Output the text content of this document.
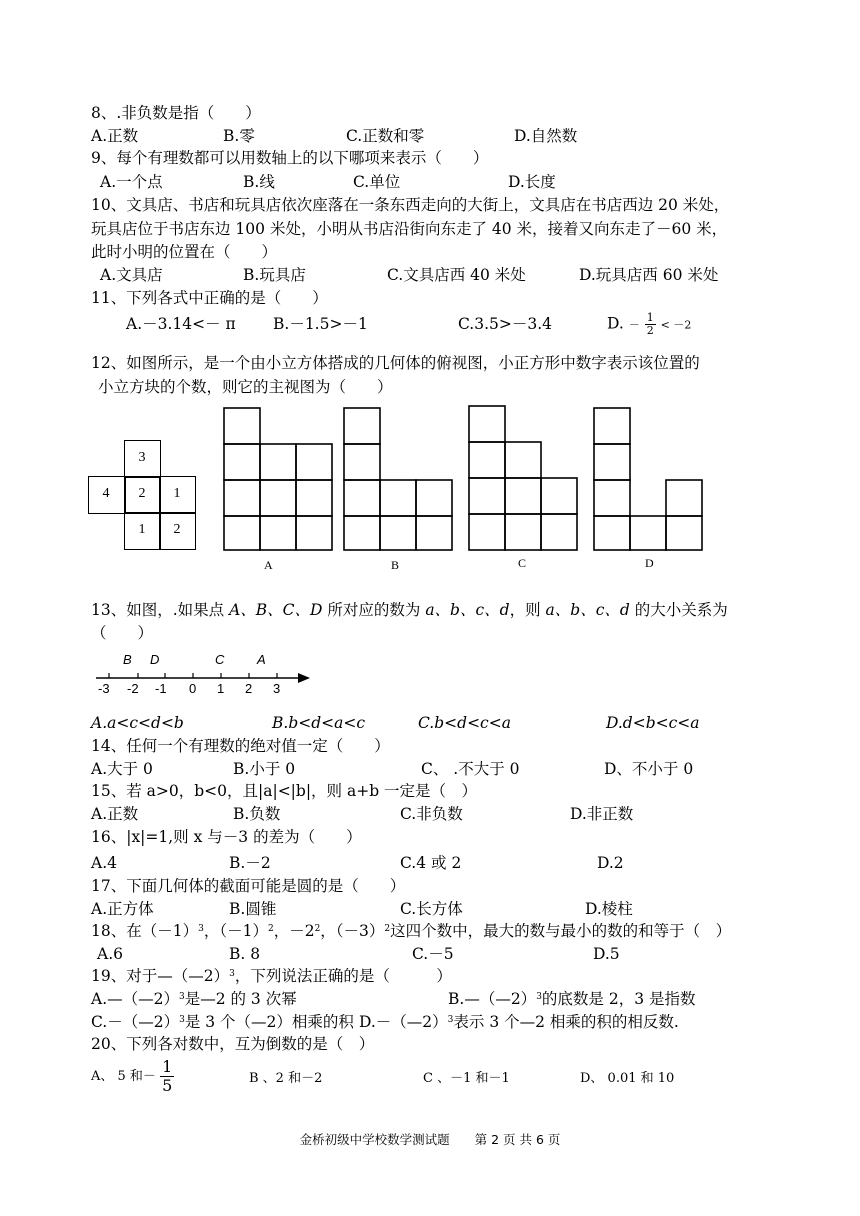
8、.非负数是指（　　）
A.正数	B.零	C.正数和零	D.自然数
9、每个有理数都可以用数轴上的以下哪项来表示（　　）
A.一个点	B.线	C.单位	D.长度
10、文具店、书店和玩具店依次座落在一条东西走向的大街上，文具店在书店西边 20 米处，
玩具店位于书店东边 100 米处，小明从书店沿街向东走了 40 米，接着又向东走了－60 米，
此时小明的位置在（　　）
A.文具店	B.玩具店	C.文具店西 40 米处	D.玩具店西 60 米处
11、下列各式中正确的是（　　）
A.－3.14<－ π B.－1.5>－1	C.3.5>－3.4	D. － $\frac{1}{2} < -2$
12、如图所示，是一个由小立方体搭成的几何体的俯视图，小正方形中数字表示该位置的
小立方块的个数，则它的主视图为（　　）
3
4	2	1
1	2
A	B	C	D
13、如图，.如果点 A、B、C、D 所对应的数为 a、b、c、d，则 a、b、c、d 的大小关系为
（　　）
B D	C	A
-3 -2 -1 0 1 2 3
A.a<c<d<b	B.b<d<a<c	C.b<d<c<a	D.d<b<c<a
14、任何一个有理数的绝对值一定（　　）
A.大于 0	B.小于 0	C、 .不大于 0	D、不小于 0
15、若 a>0，b<0，且|a|<|b|，则 a+b 一定是（　）
A.正数	B.负数	C.非负数	D.非正数
16、|x|=1,则 x 与－3 的差为（　　）
A.4	B.－2	C.4 或 2	D.2
17、下面几何体的截面可能是圆的是（　　）
A.正方体	B.圆锥	C.长方体	D.棱柱
18、在$(-1)^3$，$(-1)^2$，$-2^2$，$(-3)^2$这四个数中，最大的数与最小的数的和等于（　）
A.6	B. 8	C.－5	D.5
19、对于—（—2）$^3$，下列说法正确的是（　　　）
A.—（—2）$^3$是—2 的 3 次幂	B.—（—2）$^3$的底数是 2，3 是指数
C.－（—2）$^3$是 3 个（—2）相乘的积 D.－（—2）$^3$表示 3 个—2 相乘的积的相反数.
20、下列各对数中，互为倒数的是（　）
A、 5 和－ $\frac{1}{5}$	B 、2 和－2	C 、－1 和－1	D、 0.01 和 10
金桥初级中学校数学测试题　　第 2 页 共 6 页
